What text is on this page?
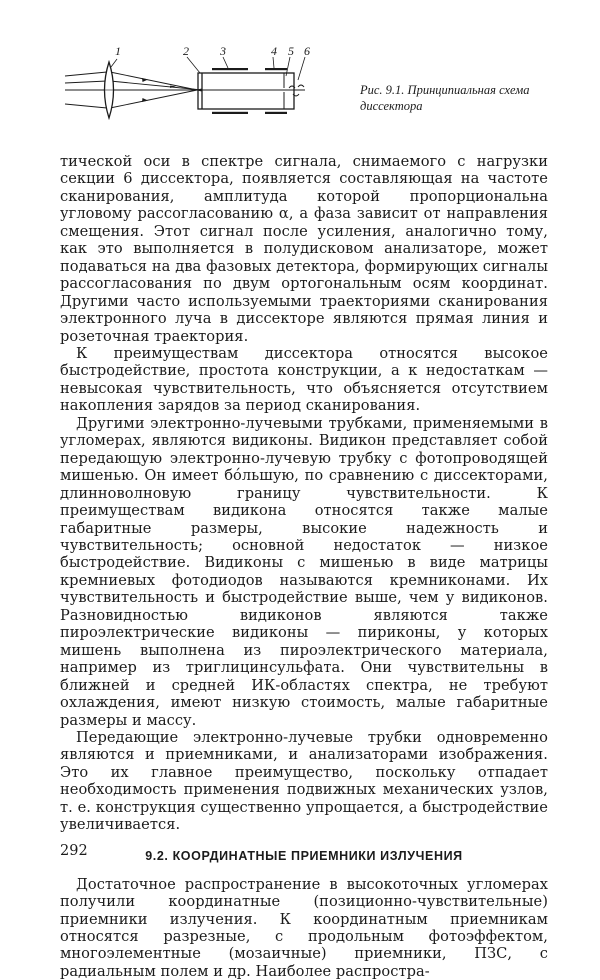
1	2	3	4 5 6
Рис. 9.1. Принципиальная схема диссектора

тической оси в спектре сигнала, снимаемого с нагрузки секции 6 диссектора, появляется составляющая на частоте сканирования, амплитуда которой пропорциональна угловому рассогласованию α, а фаза зависит от направления смещения. Этот сигнал после усиления, аналогично тому, как это выполняется в полудисковом анализаторе, может подаваться на два фазовых детектора, формирующих сигналы рассогласования по двум ортогональным осям координат. Другими часто используемыми траекториями сканирования электронного луча в диссекторе являются прямая линия и розеточная траектория.

К преимуществам диссектора относятся высокое быстродействие, простота конструкции, а к недостаткам —невысокая чувствительность, что объясняется отсутствием накопления зарядов за период сканирования.

Другими электронно-лучевыми трубками, применяемыми в угломерах, являются видиконы. Видикон представляет собой передающую электронно-лучевую трубку с фотопроводящей мишенью. Он имеет бóльшую, по сравнению с диссекторами, длинноволновую границу чувствительности. К преимуществам видикона относятся также малые габаритные размеры, высокие надежность и чувствительность; основной недостаток — низкое быстродействие. Видиконы с мишенью в виде матрицы кремниевых фотодиодов называются кремниконами. Их чувствительность и быстродействие выше, чем у видиконов. Разновидностью видиконов являются также пироэлектрические видиконы — пириконы, у которых мишень выполнена из пироэлектрического материала, например из триглицинсульфата. Они чувствительны в ближней и средней ИК-областях спектра, не требуют охлаждения, имеют низкую стоимость, малые габаритные размеры и массу.

Передающие электронно-лучевые трубки одновременно являются и приемниками, и анализаторами изображения. Это их главное преимущество, поскольку отпадает необходимость применения подвижных механических узлов, т. е. конструкция существенно упрощается, а быстродействие увеличивается.

9.2. КООРДИНАТНЫЕ ПРИЕМНИКИ ИЗЛУЧЕНИЯ

Достаточное распространение в высокоточных угломерах получили координатные (позиционно-чувствительные) приемники излучения. К координатным приемникам относятся разрезные, с продольным фотоэффектом, многоэлементные (мозаичные) приемники, ПЗС, с радиальным полем и др. Наиболее распростра-

292
